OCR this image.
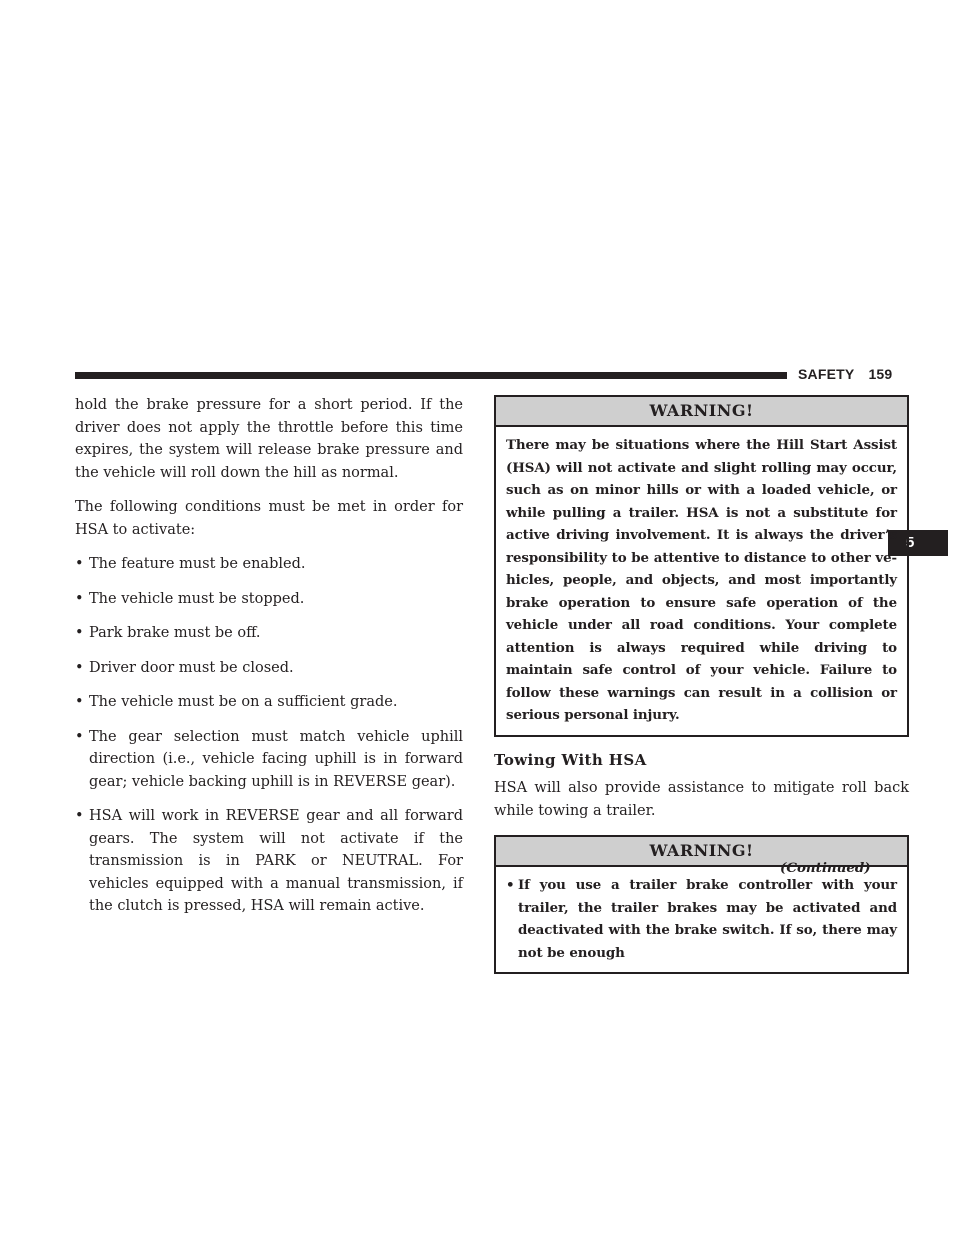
SAFETY 159
5

hold the brake pressure for a short period. If the driver does not apply the throttle before this time expires, the system will release brake pressure and the vehicle will roll down the hill as normal.

The following conditions must be met in order for HSA to activate:

• The feature must be enabled.
• The vehicle must be stopped.
• Park brake must be off.
• Driver door must be closed.
• The vehicle must be on a sufficient grade.
• The gear selection must match vehicle uphill direction (i.e., vehicle facing uphill is in forward gear; vehicle backing uphill is in REVERSE gear).
• HSA will work in REVERSE gear and all forward gears. The system will not activate if the transmission is in PARK or NEUTRAL. For vehicles equipped with a manual transmission, if the clutch is pressed, HSA will remain active.
WARNING!
There may be situations where the Hill Start Assist (HSA) will not activate and slight rolling may occur, such as on minor hills or with a loaded vehicle, or while pulling a trailer. HSA is not a substitute for active driving involvement. It is always the driver’s responsibility to be attentive to distance to other ve-hicles, people, and objects, and most importantly brake operation to ensure safe operation of the vehicle under all road conditions. Your complete attention is always required while driving to maintain safe control of your vehicle. Failure to follow these warnings can result in a collision or serious personal injury.
Towing With HSA

HSA will also provide assistance to mitigate roll back while towing a trailer.

WARNING!
• If you use a trailer brake controller with your trailer, the trailer brakes may be activated and deactivated with the brake switch. If so, there may not be enough
(Continued)
